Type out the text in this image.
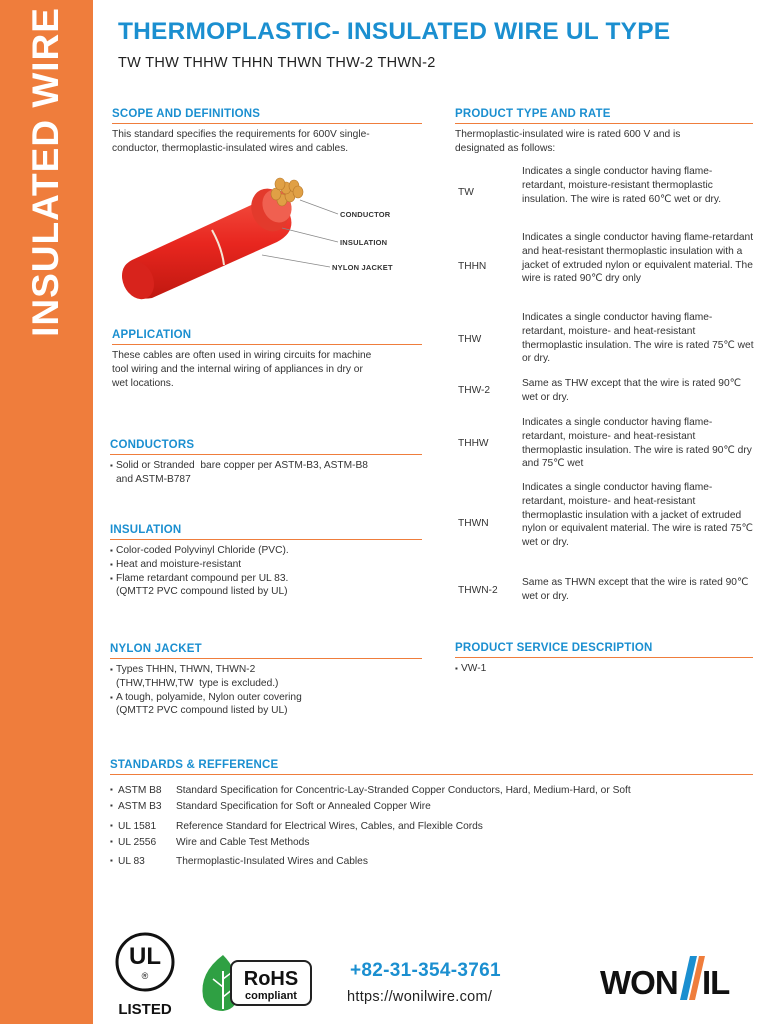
INSULATED WIRE THERMOPLASTIC- INSULATED WIRE UL TYPE
TW THW THHW THHN THWN THW-2 THWN-2
SCOPE AND DEFINITIONS
This standard specifies the requirements for 600V single-
conductor, thermoplastic-insulated wires and cables.
CONDUCTOR
INSULATION
NYLON JACKET
APPLICATION
These cables are often used in wiring circuits for machine
tool wiring and the internal wiring of appliances in dry or
wet locations.
CONDUCTORS
▪ Solid or Stranded  bare copper per ASTM-B3, ASTM-B8
and ASTM-B787
INSULATION
▪ Color-coded Polyvinyl Chloride (PVC).
▪ Heat and moisture-resistant
▪ Flame retardant compound per UL 83.
(QMTT2 PVC compound listed by UL)
NYLON JACKET
▪ Types THHN, THWN, THWN-2
(THW,THHW,TW  type is excluded.)
▪ A tough, polyamide, Nylon outer covering
(QMTT2 PVC compound listed by UL)
PRODUCT TYPE AND RATE
Thermoplastic-insulated wire is rated 600 V and is
designated as follows:
TW
Indicates a single conductor having flame-retardant, moisture-resistant thermoplastic insulation. The wire is rated 60℃ wet or dry.
THHN
Indicates a single conductor having flame-retardant and heat-resistant thermoplastic insulation with a jacket of extruded nylon or equivalent material. The wire is rated 90℃ dry only
THW
Indicates a single conductor having flame-retardant, moisture- and heat-resistant thermoplastic insulation. The wire is rated 75℃ wet or dry.
THW-2
Same as THW except that the wire is rated 90℃ wet or dry.
THHW
Indicates a single conductor having flame-retardant, moisture- and heat-resistant thermoplastic insulation. The wire is rated 90℃ dry and 75℃ wet
THWN
Indicates a single conductor having flame-retardant, moisture- and heat-resistant thermoplastic insulation with a jacket of extruded nylon or equivalent material. The wire is rated 75℃ wet or dry.
THWN-2
Same as THWN except that the wire is rated 90℃ wet or dry.
PRODUCT SERVICE DESCRIPTION
▪ VW-1
STANDARDS & REFFERENCE
▪ ASTM B8	Standard Specification for Concentric-Lay-Stranded Copper Conductors, Hard, Medium-Hard, or Soft
▪ ASTM B3	Standard Specification for Soft or Annealed Copper Wire
▪ UL 1581	Reference Standard for Electrical Wires, Cables, and Flexible Cords
▪ UL 2556	Wire and Cable Test Methods
▪ UL 83	Thermoplastic-Insulated Wires and Cables
UL
®
LISTED
RoHS
compliant
+82-31-354-3761
https://wonilwire.com/	WON IL
